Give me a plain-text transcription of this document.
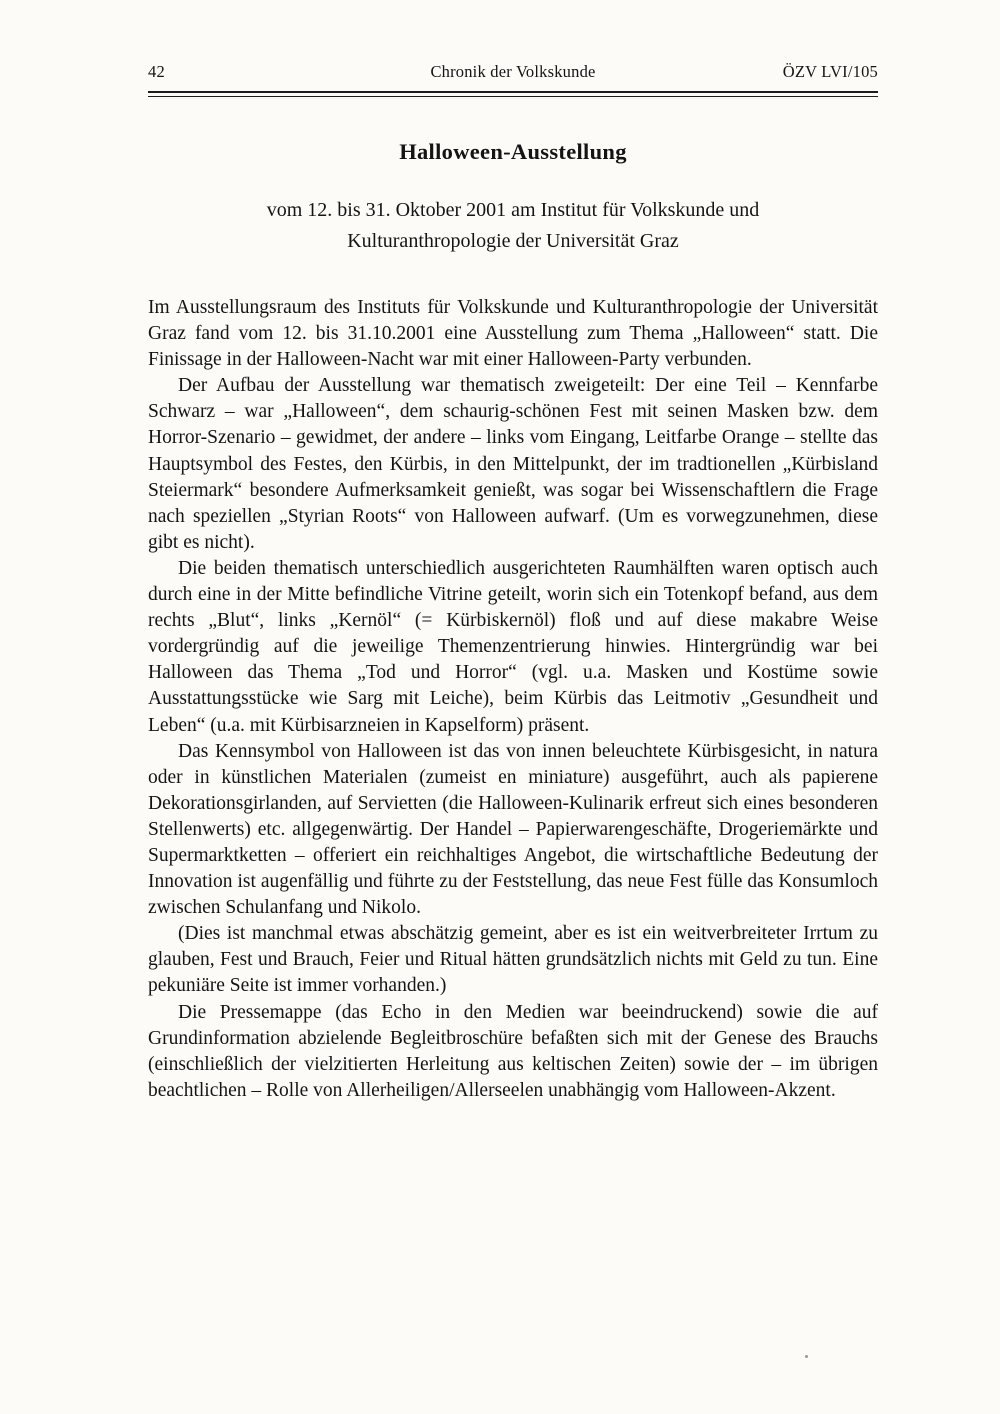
42	Chronik der Volkskunde	ÖZV LVI/105
Halloween-Ausstellung

vom 12. bis 31. Oktober 2001 am Institut für Volkskunde und Kulturanthropologie der Universität Graz

Im Ausstellungsraum des Instituts für Volkskunde und Kulturanthropologie der Universität Graz fand vom 12. bis 31.10.2001 eine Ausstellung zum Thema „Halloween“ statt. Die Finissage in der Halloween-Nacht war mit einer Halloween-Party verbunden.

Der Aufbau der Ausstellung war thematisch zweigeteilt: Der eine Teil – Kennfarbe Schwarz – war „Halloween“, dem schaurig-schönen Fest mit seinen Masken bzw. dem Horror-Szenario – gewidmet, der andere – links vom Eingang, Leitfarbe Orange – stellte das Hauptsymbol des Festes, den Kürbis, in den Mittelpunkt, der im tradtionellen „Kürbisland Steiermark“ besondere Aufmerksamkeit genießt, was sogar bei Wissenschaftlern die Frage nach speziellen „Styrian Roots“ von Halloween aufwarf. (Um es vorwegzunehmen, diese gibt es nicht).

Die beiden thematisch unterschiedlich ausgerichteten Raumhälften waren optisch auch durch eine in der Mitte befindliche Vitrine geteilt, worin sich ein Totenkopf befand, aus dem rechts „Blut“, links „Kernöl“ (= Kürbiskernöl) floß und auf diese makabre Weise vordergründig auf die jeweilige Themenzentrierung hinwies. Hintergründig war bei Halloween das Thema „Tod und Horror“ (vgl. u.a. Masken und Kostüme sowie Ausstattungsstücke wie Sarg mit Leiche), beim Kürbis das Leitmotiv „Gesundheit und Leben“ (u.a. mit Kürbisarzneien in Kapselform) präsent.

Das Kennsymbol von Halloween ist das von innen beleuchtete Kürbisgesicht, in natura oder in künstlichen Materialen (zumeist en miniature) ausgeführt, auch als papierene Dekorationsgirlanden, auf Servietten (die Halloween-Kulinarik erfreut sich eines besonderen Stellenwerts) etc. allgegenwärtig. Der Handel – Papierwarengeschäfte, Drogeriemärkte und Supermarktketten – offeriert ein reichhaltiges Angebot, die wirtschaftliche Bedeutung der Innovation ist augenfällig und führte zu der Feststellung, das neue Fest fülle das Konsumloch zwischen Schulanfang und Nikolo.

(Dies ist manchmal etwas abschätzig gemeint, aber es ist ein weitverbreiteter Irrtum zu glauben, Fest und Brauch, Feier und Ritual hätten grundsätzlich nichts mit Geld zu tun. Eine pekuniäre Seite ist immer vorhanden.)

Die Pressemappe (das Echo in den Medien war beeindruckend) sowie die auf Grundinformation abzielende Begleitbroschüre befaßten sich mit der Genese des Brauchs (einschließlich der vielzitierten Herleitung aus keltischen Zeiten) sowie der – im übrigen beachtlichen – Rolle von Allerheiligen/Allerseelen unabhängig vom Halloween-Akzent.
